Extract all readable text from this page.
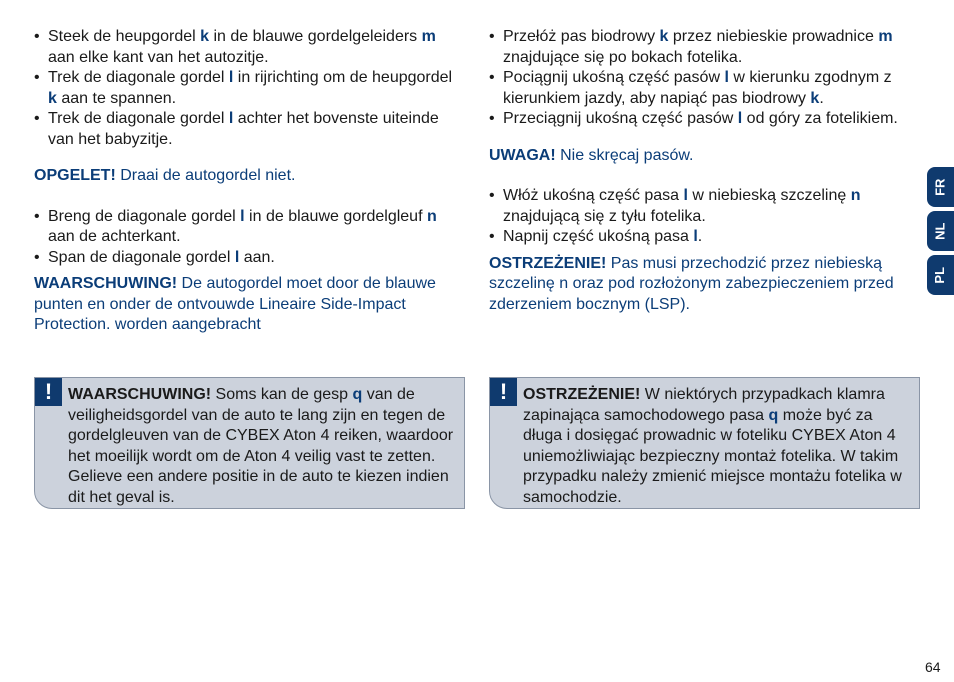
• Steek de heupgordel k in de blauwe gordelgeleiders m aan elke kant van het autozitje.
• Trek de diagonale gordel l in rijrichting om de heupgordel k aan te spannen.
• Trek de diagonale gordel l achter het bovenste uiteinde van het babyzitje.

OPGELET! Draai de autogordel niet.

• Breng de diagonale gordel l in de blauwe gordelgleuf n aan de achterkant.
• Span de diagonale gordel l aan.

WAARSCHUWING! De autogordel moet door de blauwe punten en onder de ontvouwde Lineaire Side-Impact Protection. worden aangebracht

• Przełóż pas biodrowy k przez niebieskie prowadnice m znajdujące się po bokach fotelika.
• Pociągnij ukośną część pasów l w kierunku zgodnym z kierunkiem jazdy, aby napiąć pas biodrowy k.
• Przeciągnij ukośną część pasów l od góry za fotelikiem.

UWAGA! Nie skręcaj pasów.

• Włóż ukośną część pasa l w niebieską szczelinę n znajdującą się z tyłu fotelika.
• Napnij część ukośną pasa l.

OSTRZEŻENIE! Pas musi przechodzić przez niebieską szczelinę n oraz pod rozłożonym zabezpieczeniem przed zderzeniem bocznym (LSP).

! WAARSCHUWING! Soms kan de gesp q van de veiligheidsgordel van de auto te lang zijn en tegen de gordelgleuven van de CYBEX Aton 4 reiken, waardoor het moeilijk wordt om de Aton 4 veilig vast te zetten. Gelieve een andere positie in de auto te kiezen indien dit het geval is.
! OSTRZEŻENIE! W niektórych przypadkach klamra zapinająca samochodowego pasa q może być za długa i dosięgać prowadnic w foteliku CYBEX Aton 4 uniemożliwiając bezpieczny montaż fotelika. W takim przypadku należy zmienić miejsce montażu fotelika w samochodzie.
FR
NL
PL
64
